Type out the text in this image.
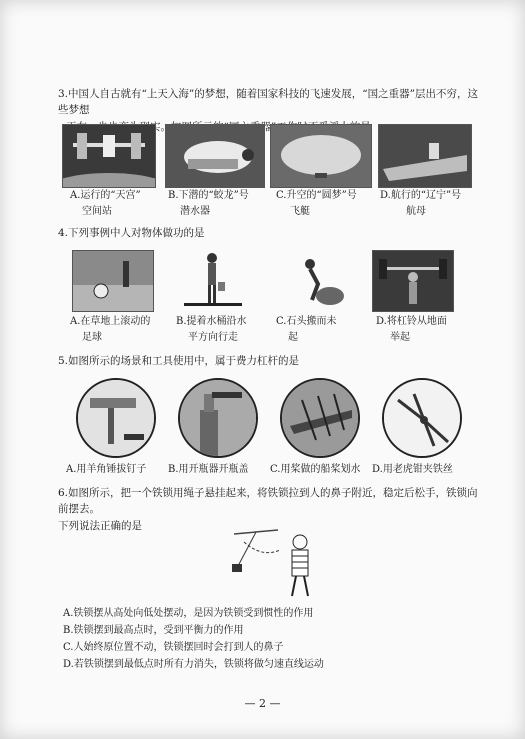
3.中国人自古就有“上天入海”的梦想，随着国家科技的飞速发展，“国之重器”层出不穷，这些梦想
A.运行的“天宫”
空间站
B.下潜的“蛟龙”号
潜水器
C.升空的“圆梦”号
飞艇
D.航行的“辽宁”号
航母
4.下列事例中人对物体做功的是
A.在草地上滚动的
足球
B.提着水桶沿水
平方向行走
C.石头搬而未
起
D.将杠铃从地面
举起
5.如图所示的场景和工具使用中，属于费力杠杆的是
A.用羊角锤拔钉子 B.用开瓶器开瓶盖 C.用桨做的船桨划水 D.用老虎钳夹铁丝
6.如图所示，把一个铁锁用绳子悬挂起来，将铁锁拉到人的鼻子附近，稳定后松手，铁锁向前摆去。
下列说法正确的是
A.铁锁摆从高处向低处摆动，是因为铁锁受到惯性的作用
B.铁锁摆到最高点时，受到平衡力的作用
C.人始终原位置不动，铁锁摆回时会打到人的鼻子
D.若铁锁摆到最低点时所有力消失，铁锁将做匀速直线运动
— 2 —
